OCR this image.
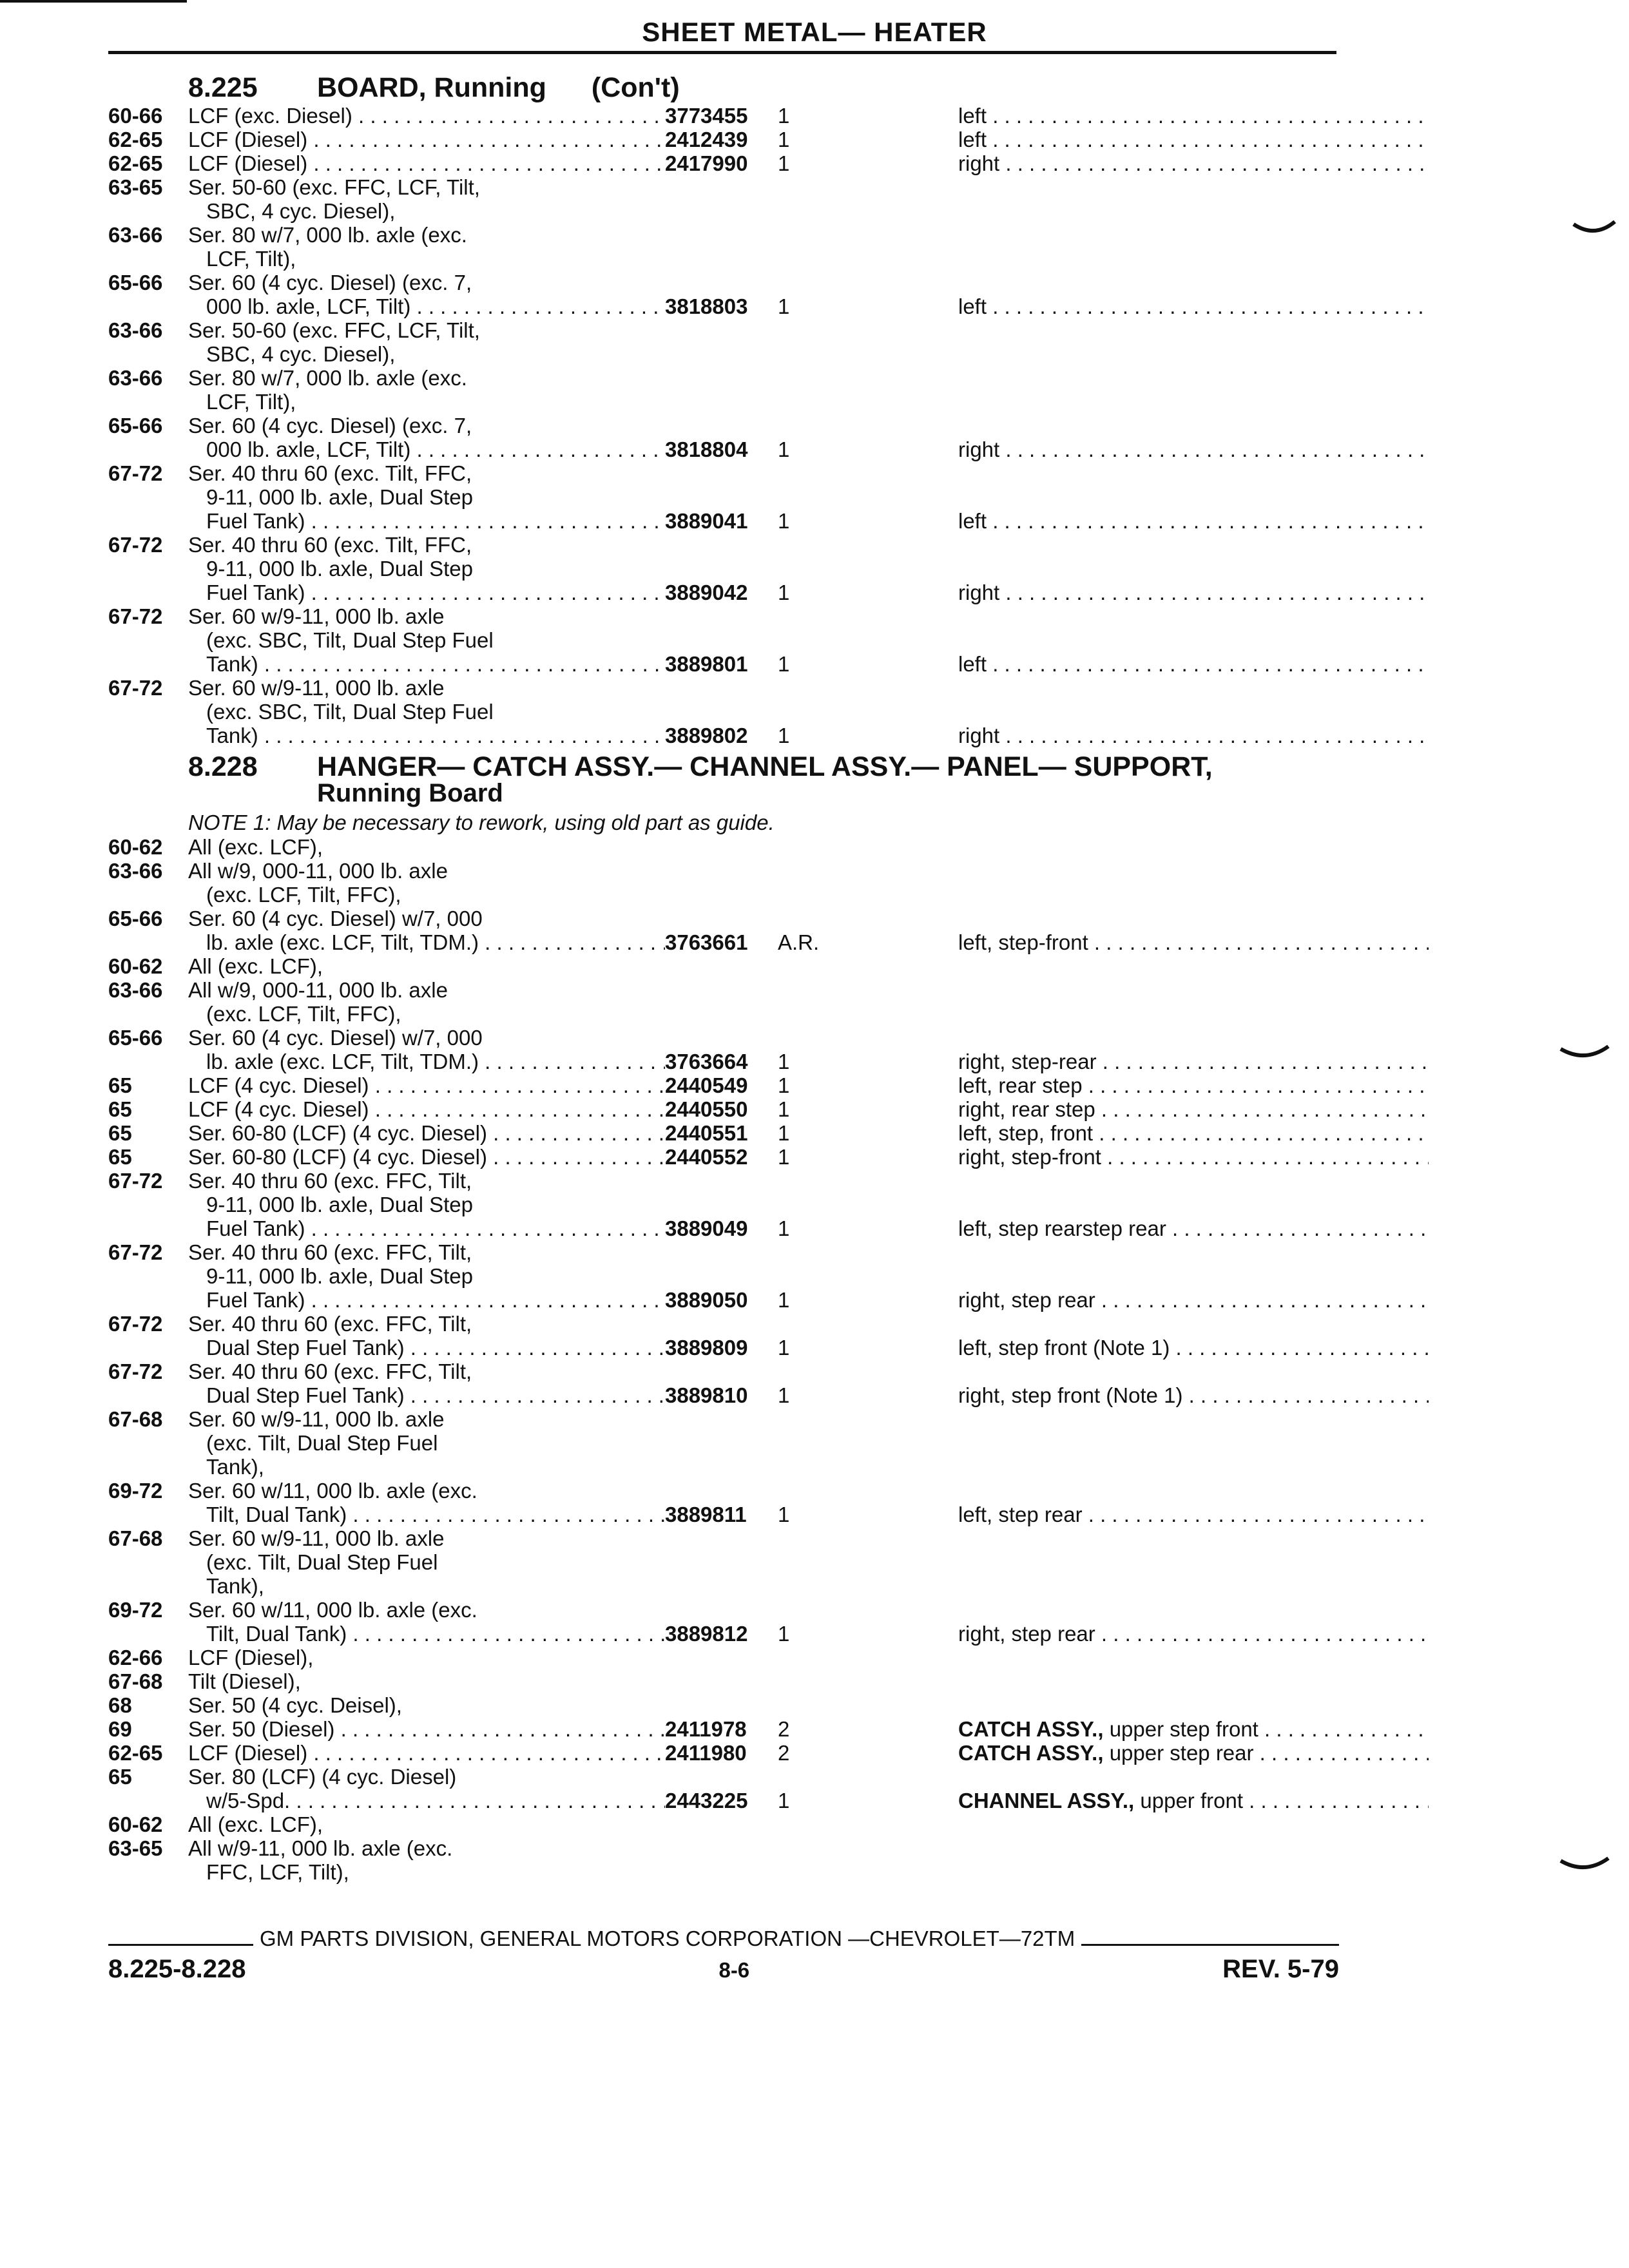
SHEET METAL— HEATER
8.225	BOARD, Running (Con't)
60-66	LCF (exc. Diesel) . . .	3773455	1	left . . .
62-65	LCF (Diesel) . . .	2412439	1	left . . .
62-65	LCF (Diesel) . . .	2417990	1	right . . .
63-65	Ser. 50-60 (exc. FFC, LCF, Tilt,
SBC, 4 cyc. Diesel),
63-66	Ser. 80 w/7, 000 lb. axle (exc.
LCF, Tilt),
65-66	Ser. 60 (4 cyc. Diesel) (exc. 7,
000 lb. axle, LCF, Tilt) . . .	3818803	1	left . . .
63-66	Ser. 50-60 (exc. FFC, LCF, Tilt,
SBC, 4 cyc. Diesel),
63-66	Ser. 80 w/7, 000 lb. axle (exc.
LCF, Tilt),
65-66	Ser. 60 (4 cyc. Diesel) (exc. 7,
000 lb. axle, LCF, Tilt) . . .	3818804	1	right . . .
67-72	Ser. 40 thru 60 (exc. Tilt, FFC,
9-11, 000 lb. axle, Dual Step
Fuel Tank) . . .	3889041	1	left . . .
67-72	Ser. 40 thru 60 (exc. Tilt, FFC,
9-11, 000 lb. axle, Dual Step
Fuel Tank) . . .	3889042	1	right . . .
67-72	Ser. 60 w/9-11, 000 lb. axle
(exc. SBC, Tilt, Dual Step Fuel
Tank) . . .	3889801	1	left . . .
67-72	Ser. 60 w/9-11, 000 lb. axle
(exc. SBC, Tilt, Dual Step Fuel
Tank) . . .	3889802	1	right . . .
8.228	HANGER— CATCH ASSY.— CHANNEL ASSY.— PANEL— SUPPORT,
Running Board
NOTE 1: May be necessary to rework, using old part as guide.
60-62	All (exc. LCF),
63-66	All w/9, 000-11, 000 lb. axle
(exc. LCF, Tilt, FFC),
65-66	Ser. 60 (4 cyc. Diesel) w/7, 000
lb. axle (exc. LCF, Tilt, TDM.) . . .	3763661	A.R.	left, step-front . . .
60-62	All (exc. LCF),
63-66	All w/9, 000-11, 000 lb. axle
(exc. LCF, Tilt, FFC),
65-66	Ser. 60 (4 cyc. Diesel) w/7, 000
lb. axle (exc. LCF, Tilt, TDM.) . . .	3763664	1	right, step-rear . . .
65	LCF (4 cyc. Diesel) . . .	2440549	1	left, rear step . . .
65	LCF (4 cyc. Diesel) . . .	2440550	1	right, rear step . . .
65	Ser. 60-80 (LCF) (4 cyc. Diesel) . . .	2440551	1	left, step, front . . .
65	Ser. 60-80 (LCF) (4 cyc. Diesel) . . .	2440552	1	right, step-front . . .
67-72	Ser. 40 thru 60 (exc. FFC, Tilt,
9-11, 000 lb. axle, Dual Step
Fuel Tank) . . .	3889049	1	left, step rearstep rear . . .
67-72	Ser. 40 thru 60 (exc. FFC, Tilt,
9-11, 000 lb. axle, Dual Step
Fuel Tank) . . .	3889050	1	right, step rear . . .
67-72	Ser. 40 thru 60 (exc. FFC, Tilt,
Dual Step Fuel Tank) . . .	3889809	1	left, step front (Note 1) . . .
67-72	Ser. 40 thru 60 (exc. FFC, Tilt,
Dual Step Fuel Tank) . . .	3889810	1	right, step front (Note 1) . . .
67-68	Ser. 60 w/9-11, 000 lb. axle
(exc. Tilt, Dual Step Fuel
Tank),
69-72	Ser. 60 w/11, 000 lb. axle (exc.
Tilt, Dual Tank) . . .	3889811	1	left, step rear . . .
67-68	Ser. 60 w/9-11, 000 lb. axle
(exc. Tilt, Dual Step Fuel
Tank),
69-72	Ser. 60 w/11, 000 lb. axle (exc.
Tilt, Dual Tank) . . .	3889812	1	right, step rear . . .
62-66	LCF (Diesel),
67-68	Tilt (Diesel),
68	Ser. 50 (4 cyc. Deisel),
69	Ser. 50 (Diesel) . . .	2411978	2	CATCH ASSY., upper step front . . .
62-65	LCF (Diesel) . . .	2411980	2	CATCH ASSY., upper step rear . . .
65	Ser. 80 (LCF) (4 cyc. Diesel)
w/5-Spd. . . .	2443225	1	CHANNEL ASSY., upper front . . .
60-62	All (exc. LCF),
63-65	All w/9-11, 000 lb. axle (exc.
FFC, LCF, Tilt),
GM PARTS DIVISION, GENERAL MOTORS CORPORATION —CHEVROLET—72TM
8.225-8.228	8-6	REV. 5-79
